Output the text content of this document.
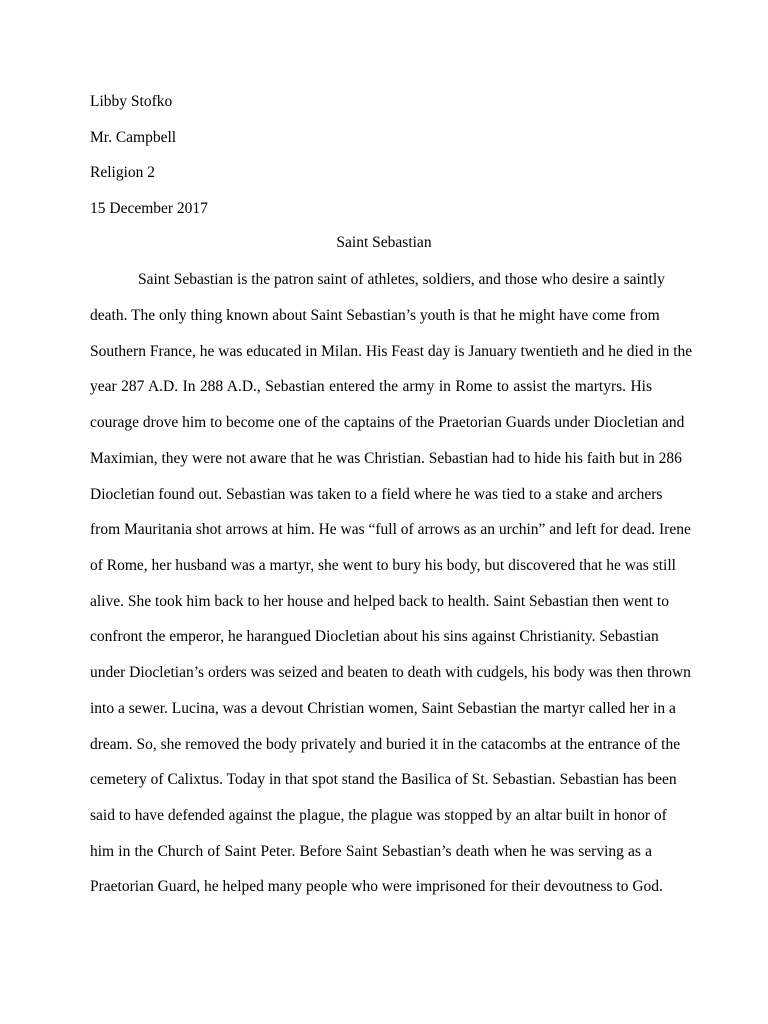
Libby Stofko
Mr. Campbell
Religion 2
15 December 2017
Saint Sebastian
Saint Sebastian is the patron saint of athletes, soldiers, and those who desire a saintly
death. The only thing known about Saint Sebastian’s youth is that he might have come from
Southern France, he was educated in Milan. His Feast day is January twentieth and he died in the
year 287 A.D. In 288 A.D., Sebastian entered the army in Rome to assist the martyrs. His
courage drove him to become one of the captains of the Praetorian Guards under Diocletian and
Maximian, they were not aware that he was Christian. Sebastian had to hide his faith but in 286
Diocletian found out. Sebastian was taken to a field where he was tied to a stake and archers
from Mauritania shot arrows at him. He was “full of arrows as an urchin” and left for dead. Irene
of Rome, her husband was a martyr, she went to bury his body, but discovered that he was still
alive. She took him back to her house and helped back to health. Saint Sebastian then went to
confront the emperor, he harangued Diocletian about his sins against Christianity. Sebastian
under Diocletian’s orders was seized and beaten to death with cudgels, his body was then thrown
into a sewer. Lucina, was a devout Christian women, Saint Sebastian the martyr called her in a
dream. So, she removed the body privately and buried it in the catacombs at the entrance of the
cemetery of Calixtus. Today in that spot stand the Basilica of St. Sebastian. Sebastian has been
said to have defended against the plague, the plague was stopped by an altar built in honor of
him in the Church of Saint Peter. Before Saint Sebastian’s death when he was serving as a
Praetorian Guard, he helped many people who were imprisoned for their devoutness to God.
